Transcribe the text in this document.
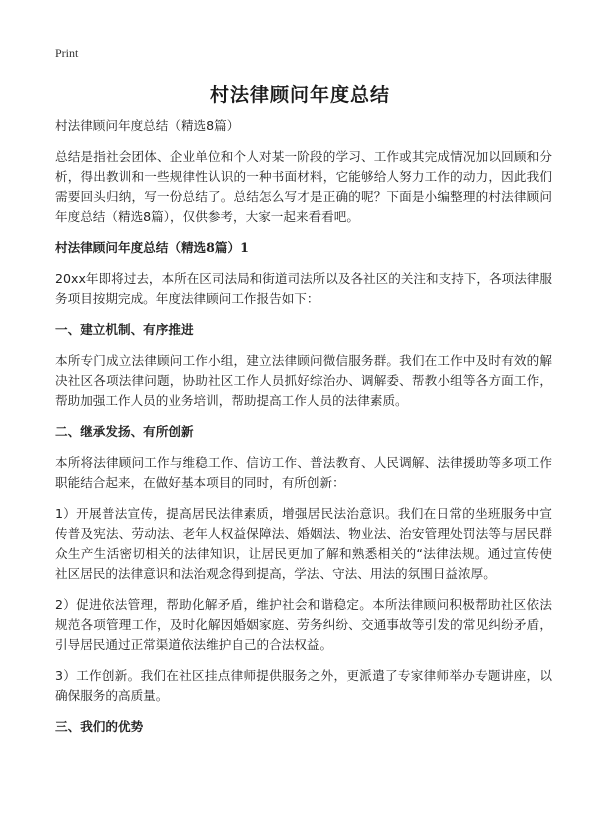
Print
村法律顾问年度总结

村法律顾问年度总结（精选8篇）

总结是指社会团体、企业单位和个人对某一阶段的学习、工作或其完成情况加以回顾和分析，得出教训和一些规律性认识的一种书面材料，它能够给人努力工作的动力，因此我们需要回头归纳，写一份总结了。总结怎么写才是正确的呢？下面是小编整理的村法律顾问年度总结（精选8篇），仅供参考，大家一起来看看吧。

村法律顾问年度总结（精选8篇）1

20xx年即将过去，本所在区司法局和街道司法所以及各社区的关注和支持下，各项法律服务项目按期完成。年度法律顾问工作报告如下：

一、建立机制、有序推进

本所专门成立法律顾问工作小组，建立法律顾问微信服务群。我们在工作中及时有效的解决社区各项法律问题，协助社区工作人员抓好综治办、调解委、帮教小组等各方面工作，帮助加强工作人员的业务培训，帮助提高工作人员的法律素质。

二、继承发扬、有所创新

本所将法律顾问工作与维稳工作、信访工作、普法教育、人民调解、法律援助等多项工作职能结合起来，在做好基本项目的同时，有所创新：

1）开展普法宣传，提高居民法律素质，增强居民法治意识。我们在日常的坐班服务中宣传普及宪法、劳动法、老年人权益保障法、婚姻法、物业法、治安管理处罚法等与居民群众生产生活密切相关的法律知识，让居民更加了解和熟悉相关的“法律法规。通过宣传使社区居民的法律意识和法治观念得到提高，学法、守法、用法的氛围日益浓厚。

2）促进依法管理，帮助化解矛盾，维护社会和谐稳定。本所法律顾问积极帮助社区依法规范各项管理工作，及时化解因婚姻家庭、劳务纠纷、交通事故等引发的常见纠纷矛盾，引导居民通过正常渠道依法维护自己的合法权益。

3）工作创新。我们在社区挂点律师提供服务之外，更派遣了专家律师举办专题讲座，以确保服务的高质量。

三、我们的优势
